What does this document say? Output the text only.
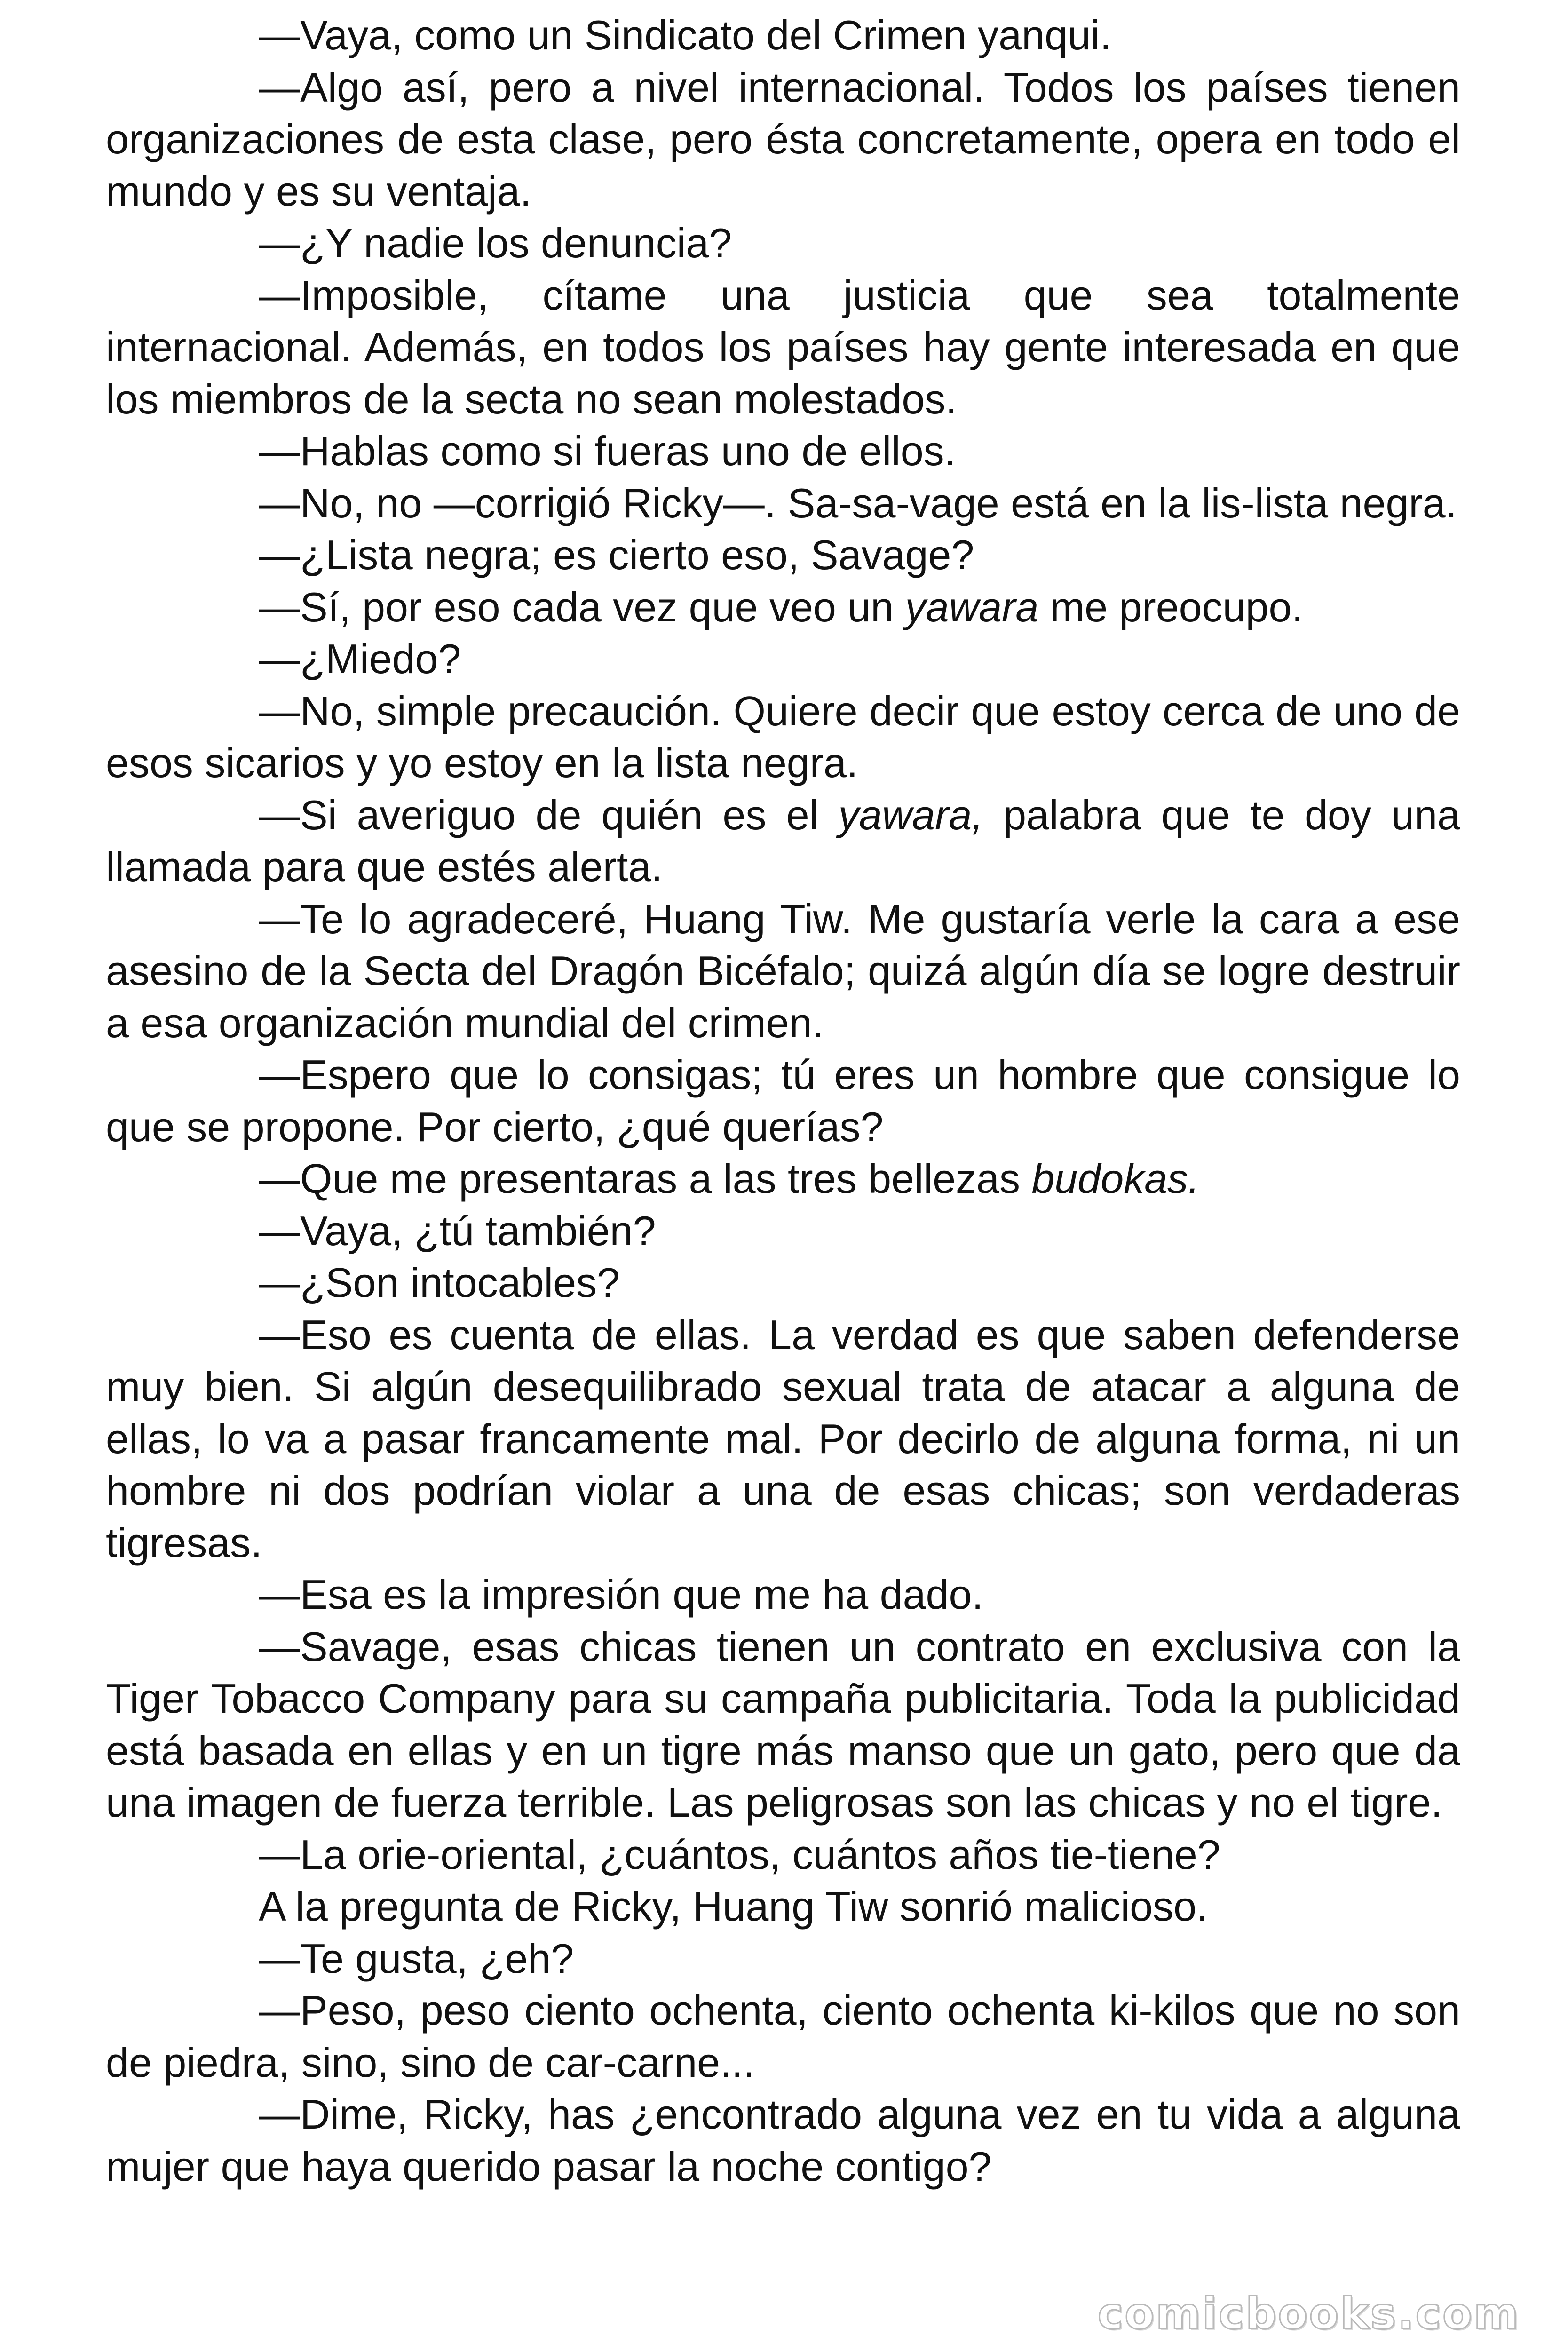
—Vaya, como un Sindicato del Crimen yanqui.

—Algo así, pero a nivel internacional. Todos los países tienen organizaciones de esta clase, pero ésta concretamente, opera en todo el mundo y es su ventaja.

—¿Y nadie los denuncia?

—Imposible, cítame una justicia que sea totalmente internacional. Además, en todos los países hay gente interesada en que los miembros de la secta no sean molestados.

—Hablas como si fueras uno de ellos.

—No, no —corrigió Ricky—. Sa-sa-vage está en la lis-lista negra.

—¿Lista negra; es cierto eso, Savage?

—Sí, por eso cada vez que veo un yawara me preocupo.

—¿Miedo?

—No, simple precaución. Quiere decir que estoy cerca de uno de esos sicarios y yo estoy en la lista negra.

—Si averiguo de quién es el yawara, palabra que te doy una llamada para que estés alerta.

—Te lo agradeceré, Huang Tiw. Me gustaría verle la cara a ese asesino de la Secta del Dragón Bicéfalo; quizá algún día se logre destruir a esa organización mundial del crimen.

—Espero que lo consigas; tú eres un hombre que consigue lo que se propone. Por cierto, ¿qué querías?

—Que me presentaras a las tres bellezas budokas.

—Vaya, ¿tú también?

—¿Son intocables?

—Eso es cuenta de ellas. La verdad es que saben defenderse muy bien. Si algún desequilibrado sexual trata de atacar a alguna de ellas, lo va a pasar francamente mal. Por decirlo de alguna forma, ni un hombre ni dos podrían violar a una de esas chicas; son verdaderas tigresas.

—Esa es la impresión que me ha dado.

—Savage, esas chicas tienen un contrato en exclusiva con la Tiger Tobacco Company para su campaña publicitaria. Toda la publicidad está basada en ellas y en un tigre más manso que un gato, pero que da una imagen de fuerza terrible. Las peligrosas son las chicas y no el tigre.

—La orie-oriental, ¿cuántos, cuántos años tie-tiene?

A la pregunta de Ricky, Huang Tiw sonrió malicioso.

—Te gusta, ¿eh?

—Peso, peso ciento ochenta, ciento ochenta ki-kilos que no son de piedra, sino, sino de car-carne...

—Dime, Ricky, has ¿encontrado alguna vez en tu vida a alguna mujer que haya querido pasar la noche contigo?

comicbooks.com
